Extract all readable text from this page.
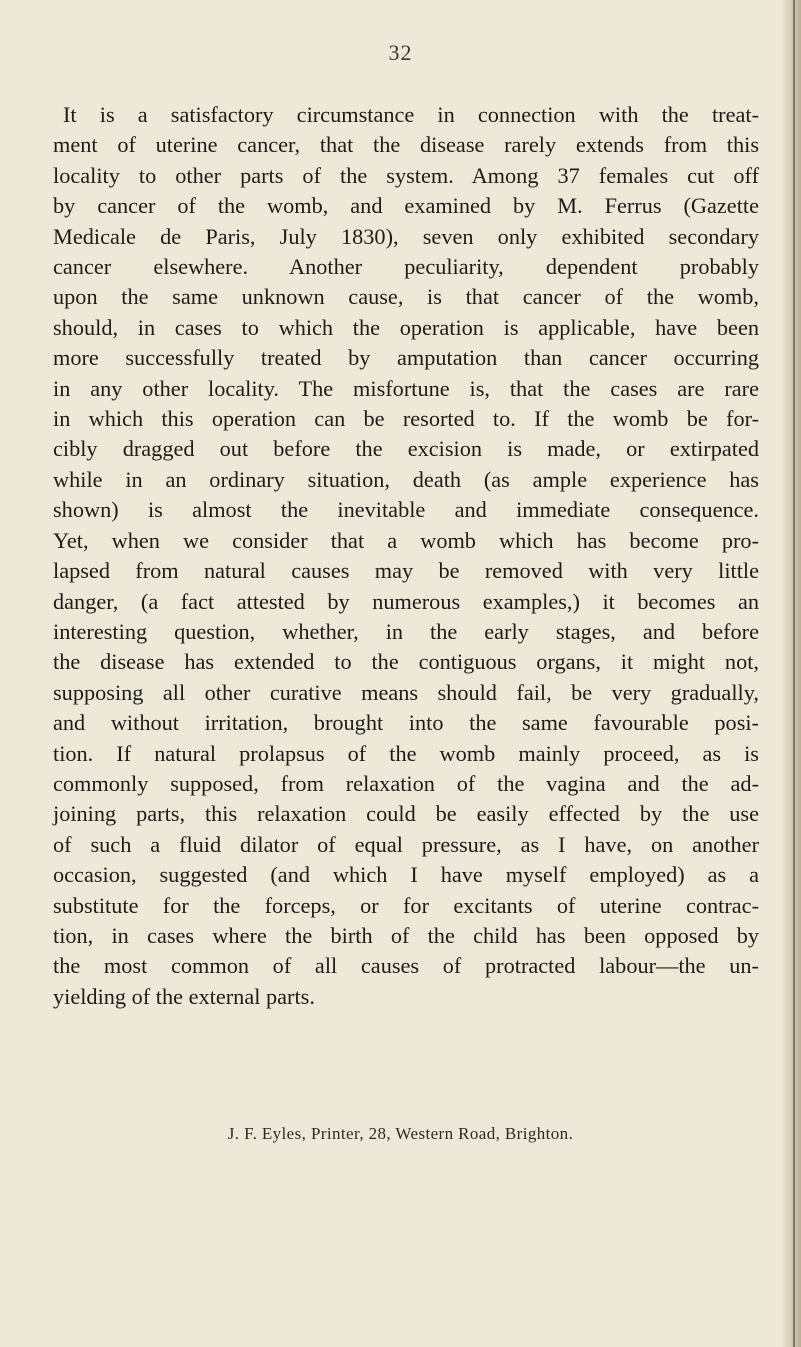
32
It is a satisfactory circumstance in connection with the treat-
ment of uterine cancer, that the disease rarely extends from this
locality to other parts of the system. Among 37 females cut off
by cancer of the womb, and examined by M. Ferrus (Gazette
Medicale de Paris, July 1830), seven only exhibited secondary
cancer elsewhere. Another peculiarity, dependent probably
upon the same unknown cause, is that cancer of the womb,
should, in cases to which the operation is applicable, have been
more successfully treated by amputation than cancer occurring
in any other locality. The misfortune is, that the cases are rare
in which this operation can be resorted to. If the womb be for-
cibly dragged out before the excision is made, or extirpated
while in an ordinary situation, death (as ample experience has
shown) is almost the inevitable and immediate consequence.
Yet, when we consider that a womb which has become pro-
lapsed from natural causes may be removed with very little
danger, (a fact attested by numerous examples,) it becomes an
interesting question, whether, in the early stages, and before
the disease has extended to the contiguous organs, it might not,
supposing all other curative means should fail, be very gradually,
and without irritation, brought into the same favourable posi-
tion. If natural prolapsus of the womb mainly proceed, as is
commonly supposed, from relaxation of the vagina and the ad-
joining parts, this relaxation could be easily effected by the use
of such a fluid dilator of equal pressure, as I have, on another
occasion, suggested (and which I have myself employed) as a
substitute for the forceps, or for excitants of uterine contrac-
tion, in cases where the birth of the child has been opposed by
the most common of all causes of protracted labour—the un-
yielding of the external parts.
J. F. Eyles, Printer, 28, Western Road, Brighton.
